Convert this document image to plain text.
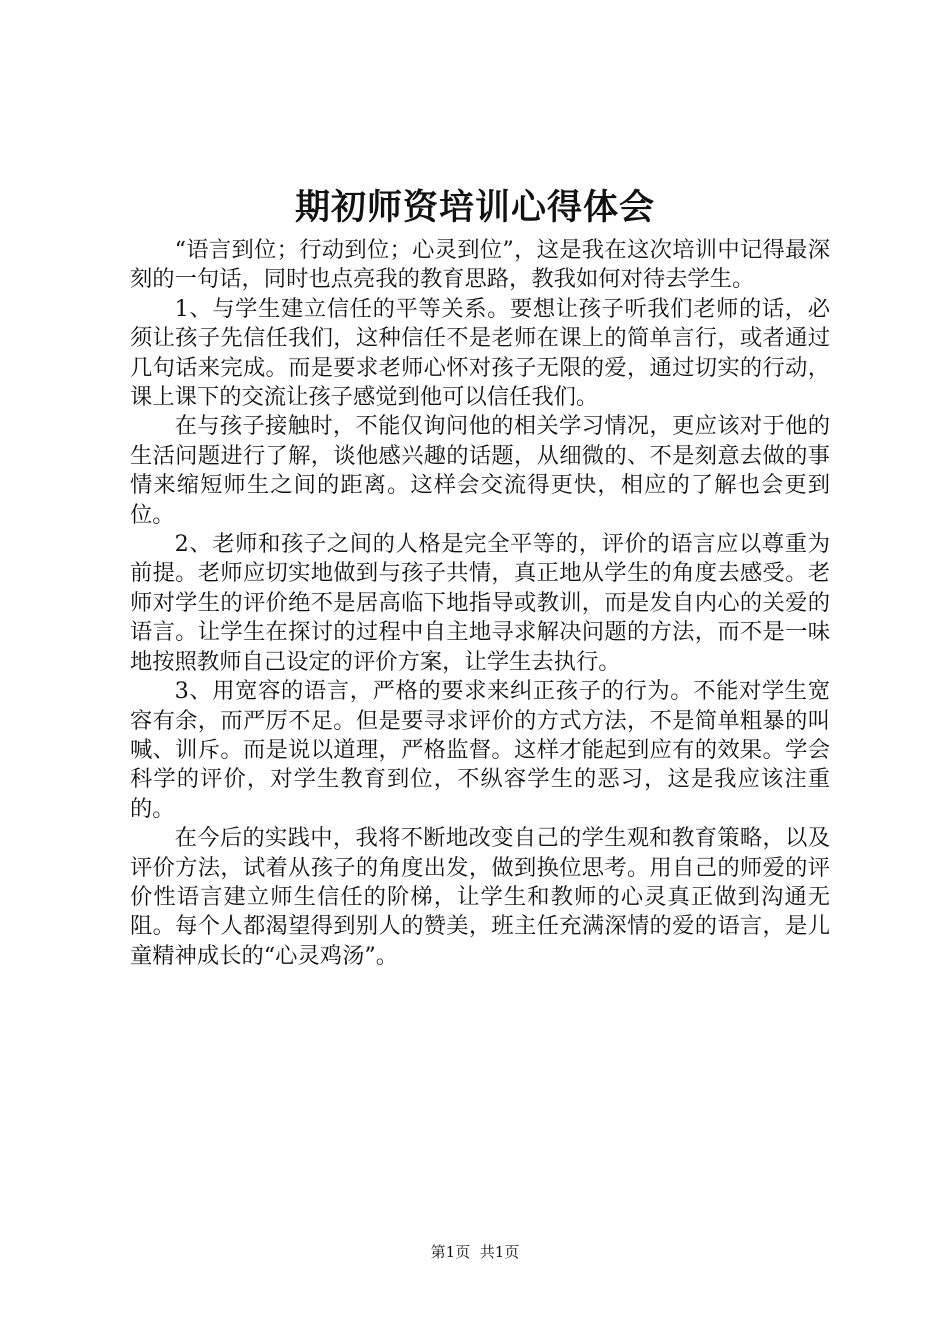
期初师资培训心得体会

“语言到位；行动到位；心灵到位”，这是我在这次培训中记得最深刻的一句话，同时也点亮我的教育思路，教我如何对待去学生。

1、与学生建立信任的平等关系。要想让孩子听我们老师的话，必须让孩子先信任我们，这种信任不是老师在课上的简单言行，或者通过几句话来完成。而是要求老师心怀对孩子无限的爱，通过切实的行动，课上课下的交流让孩子感觉到他可以信任我们。

在与孩子接触时，不能仅询问他的相关学习情况，更应该对于他的生活问题进行了解，谈他感兴趣的话题，从细微的、不是刻意去做的事情来缩短师生之间的距离。这样会交流得更快，相应的了解也会更到位。

2、老师和孩子之间的人格是完全平等的，评价的语言应以尊重为前提。老师应切实地做到与孩子共情，真正地从学生的角度去感受。老师对学生的评价绝不是居高临下地指导或教训，而是发自内心的关爱的语言。让学生在探讨的过程中自主地寻求解决问题的方法，而不是一味地按照教师自己设定的评价方案，让学生去执行。

3、用宽容的语言，严格的要求来纠正孩子的行为。不能对学生宽容有余，而严厉不足。但是要寻求评价的方式方法，不是简单粗暴的叫喊、训斥。而是说以道理，严格监督。这样才能起到应有的效果。学会科学的评价，对学生教育到位，不纵容学生的恶习，这是我应该注重的。

在今后的实践中，我将不断地改变自己的学生观和教育策略，以及评价方法，试着从孩子的角度出发，做到换位思考。用自己的师爱的评价性语言建立师生信任的阶梯，让学生和教师的心灵真正做到沟通无阻。每个人都渴望得到别人的赞美，班主任充满深情的爱的语言，是儿童精神成长的“心灵鸡汤”。

第1页 共1页
